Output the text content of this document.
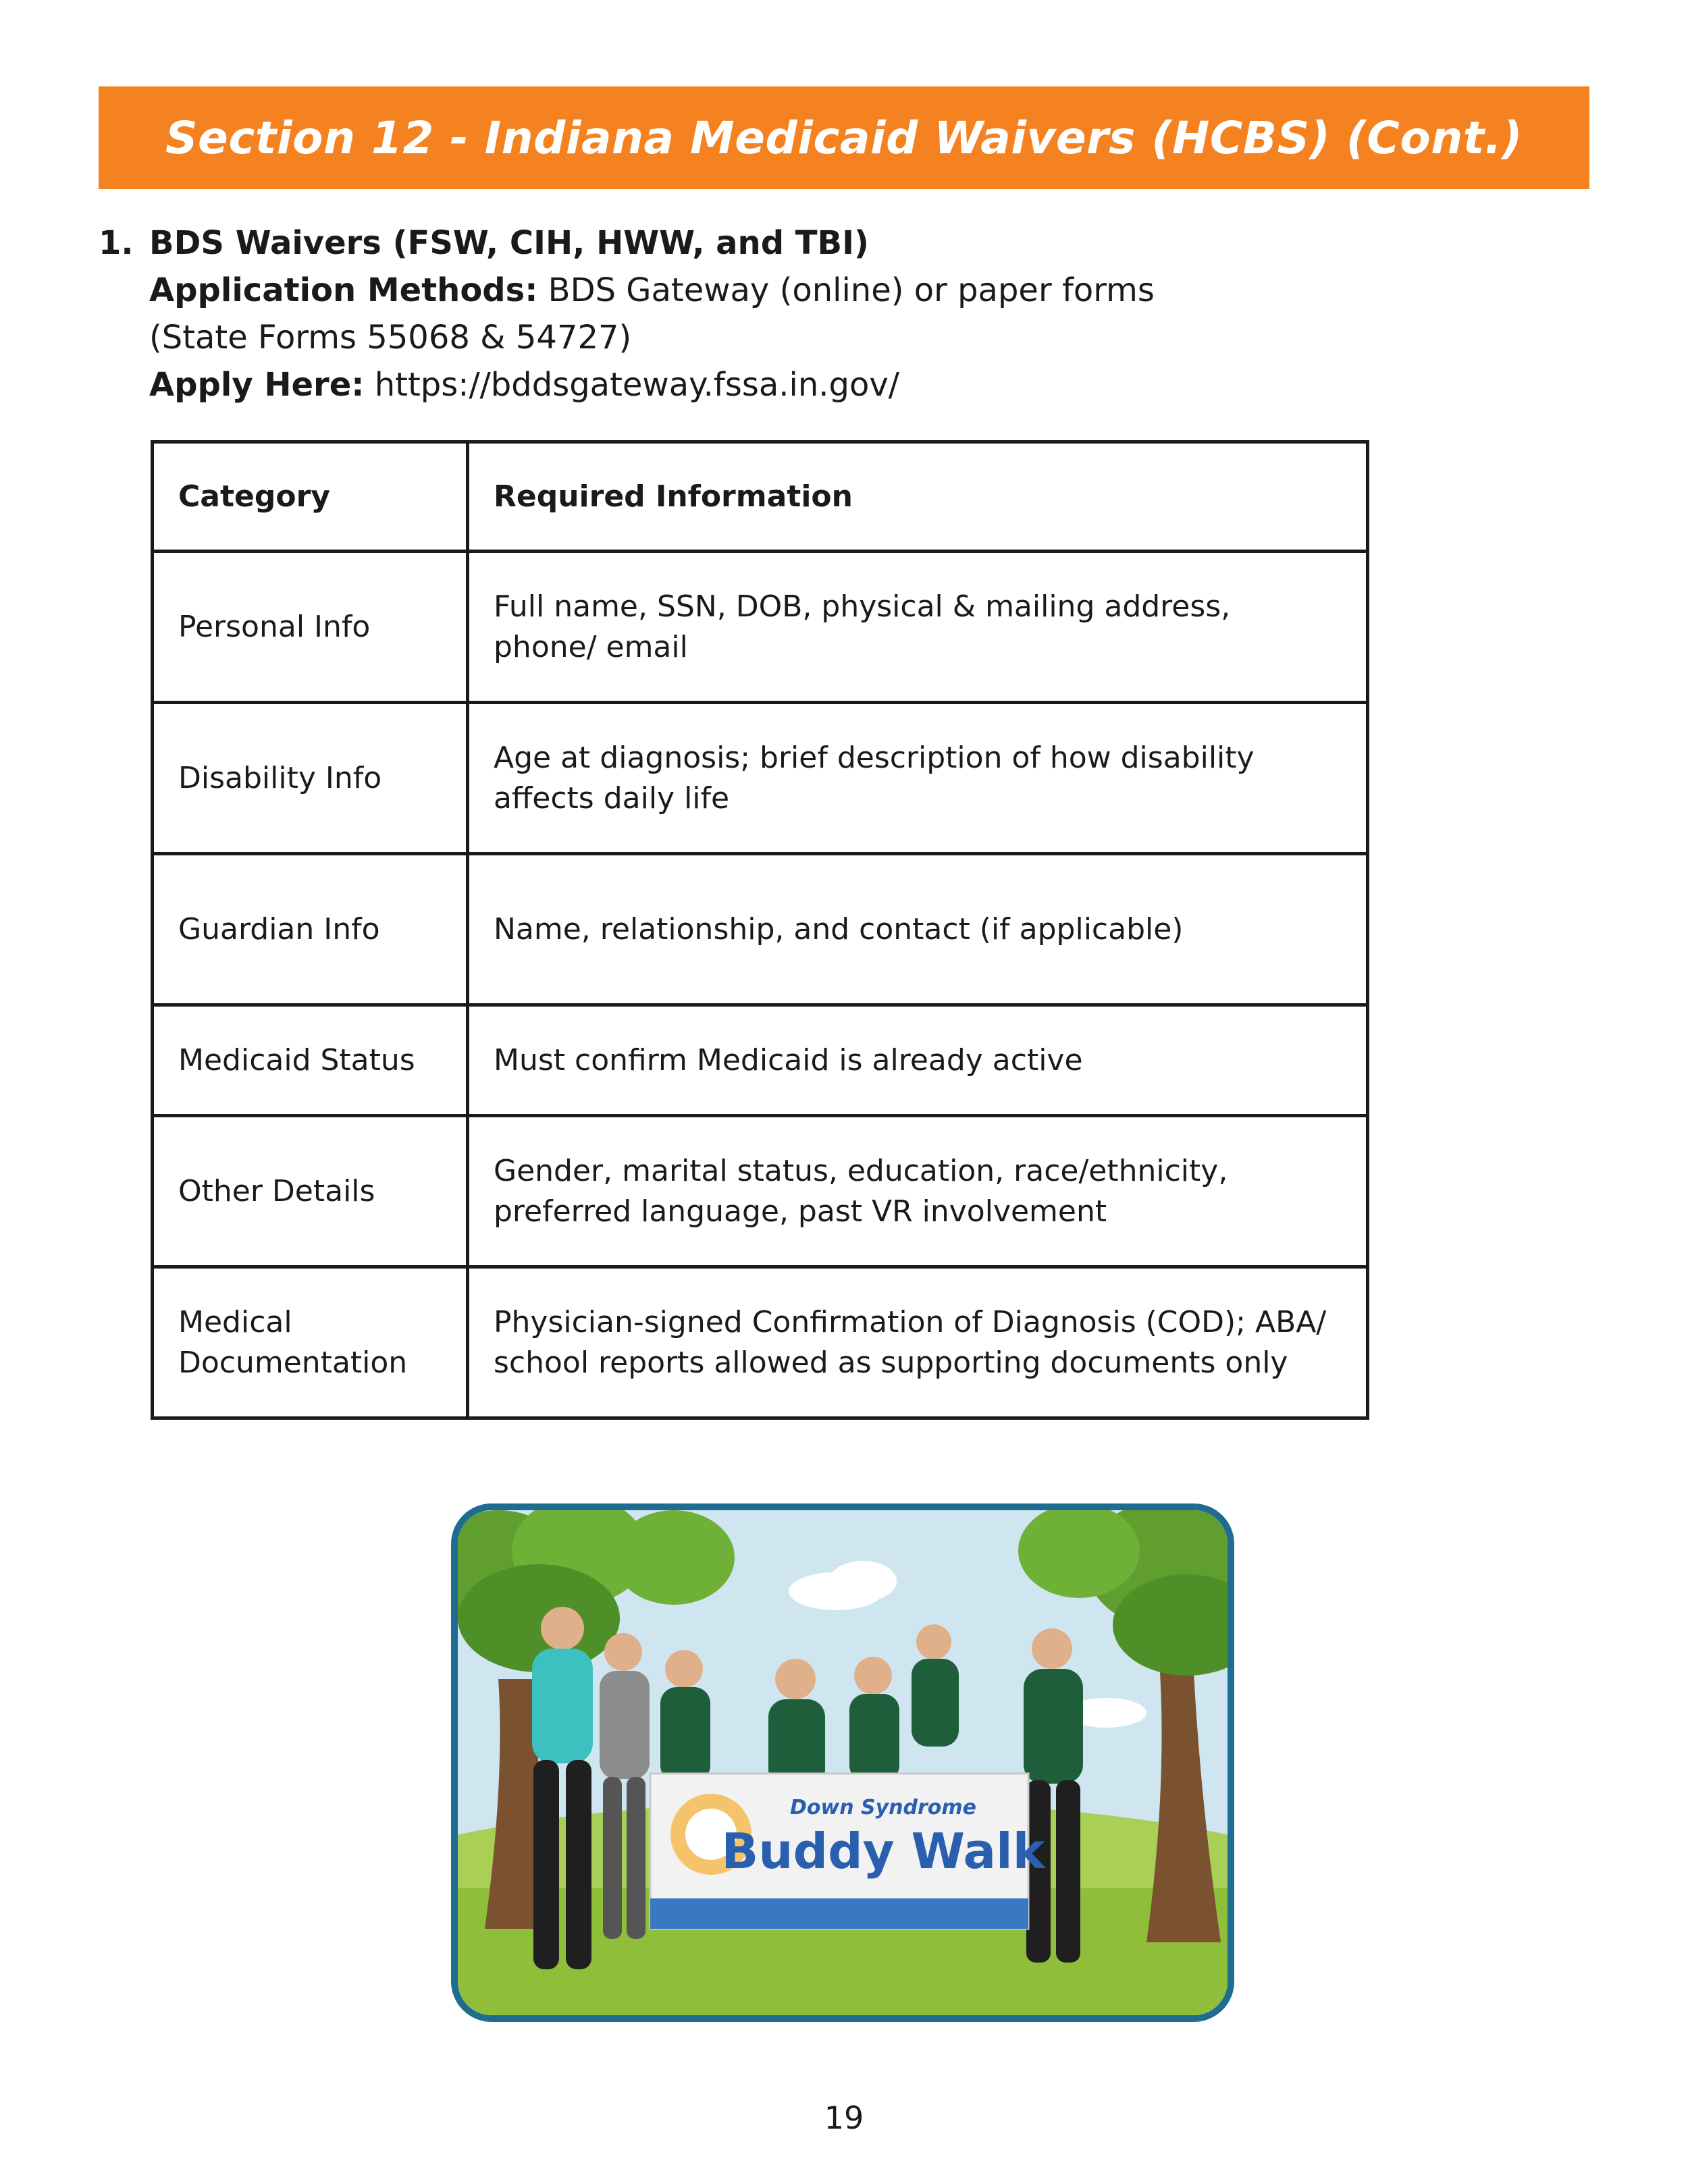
Section 12 - Indiana Medicaid Waivers (HCBS) (Cont.)
1. BDS Waivers (FSW, CIH, HWW, and TBI)
Application Methods: BDS Gateway (online) or paper forms
(State Forms 55068 & 54727)
Apply Here: https://bddsgateway.fssa.in.gov/
Category	Required Information
Personal Info	Full name, SSN, DOB, physical & mailing address, phone/ email
Disability Info	Age at diagnosis; brief description of how disability affects daily life
Guardian Info	Name, relationship, and contact (if applicable)
Medicaid Status	Must confirm Medicaid is already active
Other Details	Gender, marital status, education, race/ethnicity, preferred language, past VR involvement
Medical Documentation	Physician-signed Confirmation of Diagnosis (COD); ABA/ school reports allowed as supporting documents only
Down Syndrome
Buddy Walk
19
